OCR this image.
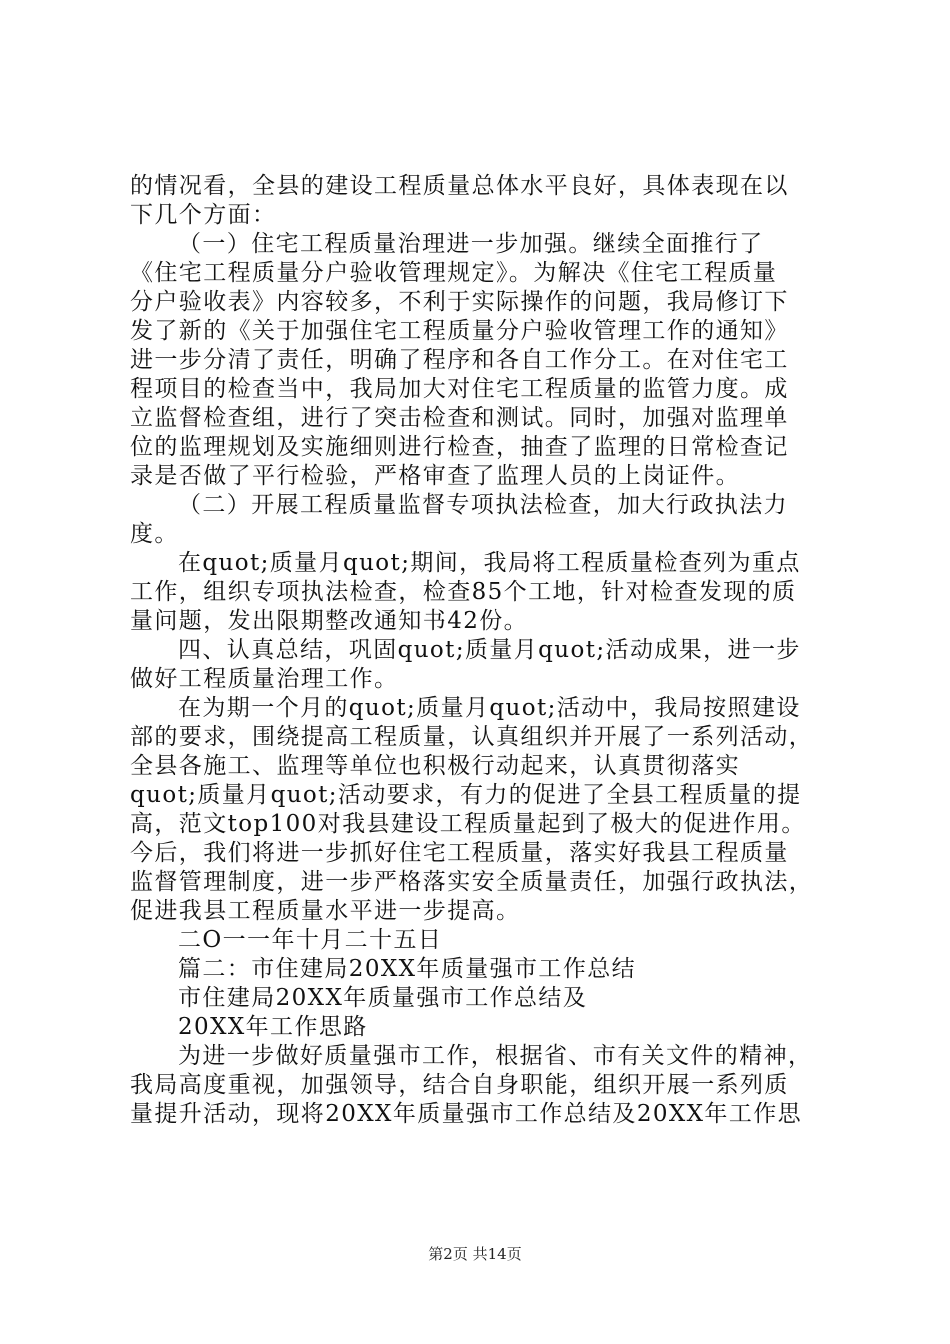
的情况看，全县的建设工程质量总体水平良好，具体表现在以
下几个方面：
（一）住宅工程质量治理进一步加强。继续全面推行了
《住宅工程质量分户验收管理规定》。为解决《住宅工程质量
分户验收表》内容较多，不利于实际操作的问题，我局修订下
发了新的《关于加强住宅工程质量分户验收管理工作的通知》
进一步分清了责任，明确了程序和各自工作分工。在对住宅工
程项目的检查当中，我局加大对住宅工程质量的监管力度。成
立监督检查组，进行了突击检查和测试。同时，加强对监理单
位的监理规划及实施细则进行检查，抽查了监理的日常检查记
录是否做了平行检验，严格审查了监理人员的上岗证件。
（二）开展工程质量监督专项执法检查，加大行政执法力
度。
在quot;质量月quot;期间，我局将工程质量检查列为重点
工作，组织专项执法检查，检查85个工地，针对检查发现的质
量问题，发出限期整改通知书42份。
四、认真总结，巩固quot;质量月quot;活动成果，进一步
做好工程质量治理工作。
在为期一个月的quot;质量月quot;活动中，我局按照建设
部的要求，围绕提高工程质量，认真组织并开展了一系列活动，
全县各施工、监理等单位也积极行动起来，认真贯彻落实
quot;质量月quot;活动要求，有力的促进了全县工程质量的提
高，范文top100对我县建设工程质量起到了极大的促进作用。
今后，我们将进一步抓好住宅工程质量，落实好我县工程质量
监督管理制度，进一步严格落实安全质量责任，加强行政执法，
促进我县工程质量水平进一步提高。
二O一一年十月二十五日
篇二：市住建局20XX年质量强市工作总结
市住建局20XX年质量强市工作总结及
20XX年工作思路
为进一步做好质量强市工作，根据省、市有关文件的精神，
我局高度重视，加强领导，结合自身职能，组织开展一系列质
量提升活动，现将20XX年质量强市工作总结及20XX年工作思
第2页 共14页
